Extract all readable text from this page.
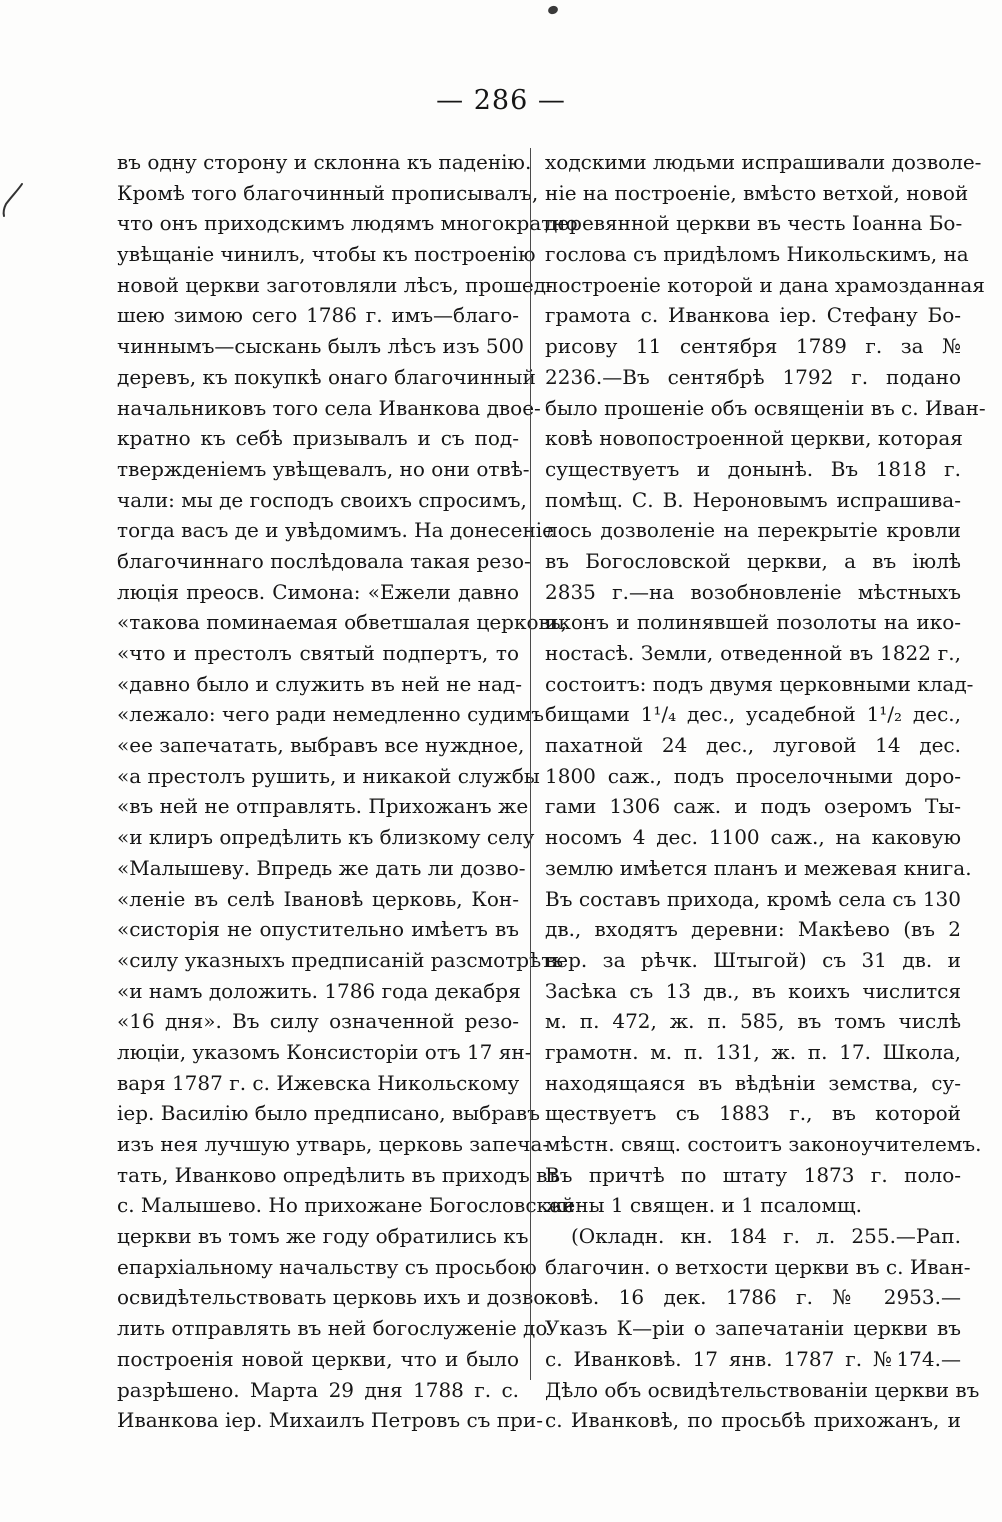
— 286 —
въ одну сторону и склонна къ паденію.
Кромѣ того благочинный прописывалъ,
что онъ приходскимъ людямъ многократно
увѣщаніе чинилъ, чтобы къ построенію
новой церкви заготовляли лѣсъ, прошед-
шею зимою сего 1786 г. имъ—благо-
чиннымъ—сыскань былъ лѣсъ изъ 500
деревъ, къ покупкѣ онаго благочинный
начальниковъ того села Иванкова двое-
кратно къ себѣ призывалъ и съ под-
твержденіемъ увѣщевалъ, но они отвѣ-
чали: мы де господъ своихъ спросимъ,
тогда васъ де и увѣдомимъ. На донесеніе
благочиннаго послѣдовала такая резо-
люція преосв. Симона: «Ежели давно
«такова поминаемая обветшалая церковь,
«что и престолъ святый подпертъ, то
«давно было и служить въ ней не над-
«лежало: чего ради немедленно судимъ
«ее запечатать, выбравъ все нуждное,
«а престолъ рушить, и никакой службы
«въ ней не отправлять. Прихожанъ же
«и клиръ опредѣлить къ близкому селу
«Малышеву. Впредь же дать ли дозво-
«леніе въ селѣ Івановѣ церковь, Кон-
«систорія не опустительно имѣетъ въ
«силу указныхъ предписаній разсмотрѣть
«и намъ доложить. 1786 года декабря
«16 дня». Въ силу означенной резо-
люціи, указомъ Консисторіи отъ 17 ян-
варя 1787 г. с. Ижевска Никольскому
іер. Василію было предписано, выбравъ
изъ нея лучшую утварь, церковь запеча-
тать, Иванково опредѣлить въ приходъ въ
с. Малышево. Но прихожане Богословской
церкви въ томъ же году обратились къ
епархіальному начальству съ просьбою
освидѣтельствовать церковь ихъ и дозво-
лить отправлять въ ней богослуженіе до
построенія новой церкви, что и было
разрѣшено. Марта 29 дня 1788 г. с.
Иванкова іер. Михаилъ Петровъ съ при-
ходскими людьми испрашивали дозволе-
ніе на построеніе, вмѣсто ветхой, новой
деревянной церкви въ честь Іоанна Бо-
гослова съ придѣломъ Никольскимъ, на
построеніе которой и дана храмозданная
грамота с. Иванкова іер. Стефану Бо-
рисову 11 сентября 1789 г. за №
2236.—Въ сентябрѣ 1792 г. подано
было прошеніе объ освященіи въ с. Иван-
ковѣ новопостроенной церкви, которая
существуетъ и донынѣ. Въ 1818 г.
помѣщ. С. В. Нероновымъ испрашива-
лось дозволеніе на перекрытіе кровли
въ Богословской церкви, а въ іюлѣ
2835 г.—на возобновленіе мѣстныхъ
иконъ и полинявшей позолоты на ико-
ностасѣ. Земли, отведенной въ 1822 г.,
состоитъ: подъ двумя церковными клад-
бищами 1¹/₄ дес., усадебной 1¹/₂ дес.,
пахатной 24 дес., луговой 14 дес.
1800 саж., подъ проселочными доро-
гами 1306 саж. и подъ озеромъ Ты-
носомъ 4 дес. 1100 саж., на каковую
землю имѣется планъ и межевая книга.
Въ составъ прихода, кромѣ села съ 130
дв., входятъ деревни: Макѣево (въ 2
вер. за рѣчк. Штыгой) съ 31 дв. и
Засѣка съ 13 дв., въ коихъ числится
м. п. 472, ж. п. 585, въ томъ числѣ
грамотн. м. п. 131, ж. п. 17. Школа,
находящаяся въ вѣдѣніи земства, су-
ществуетъ съ 1883 г., въ которой
мѣстн. свящ. состоитъ законоучителемъ.
Въ причтѣ по штату 1873 г. поло-
жены 1 священ. и 1 псаломщ.
(Окладн. кн. 184 г. л. 255.—Рап.
благочин. о ветхости церкви въ с. Иван-
ковѣ. 16 дек. 1786 г. № 2953.—
Указъ К—ріи о запечатаніи церкви въ
с. Иванковѣ. 17 янв. 1787 г. №174.—
Дѣло объ освидѣтельствованіи церкви въ
с. Иванковѣ, по просьбѣ прихожанъ, и
